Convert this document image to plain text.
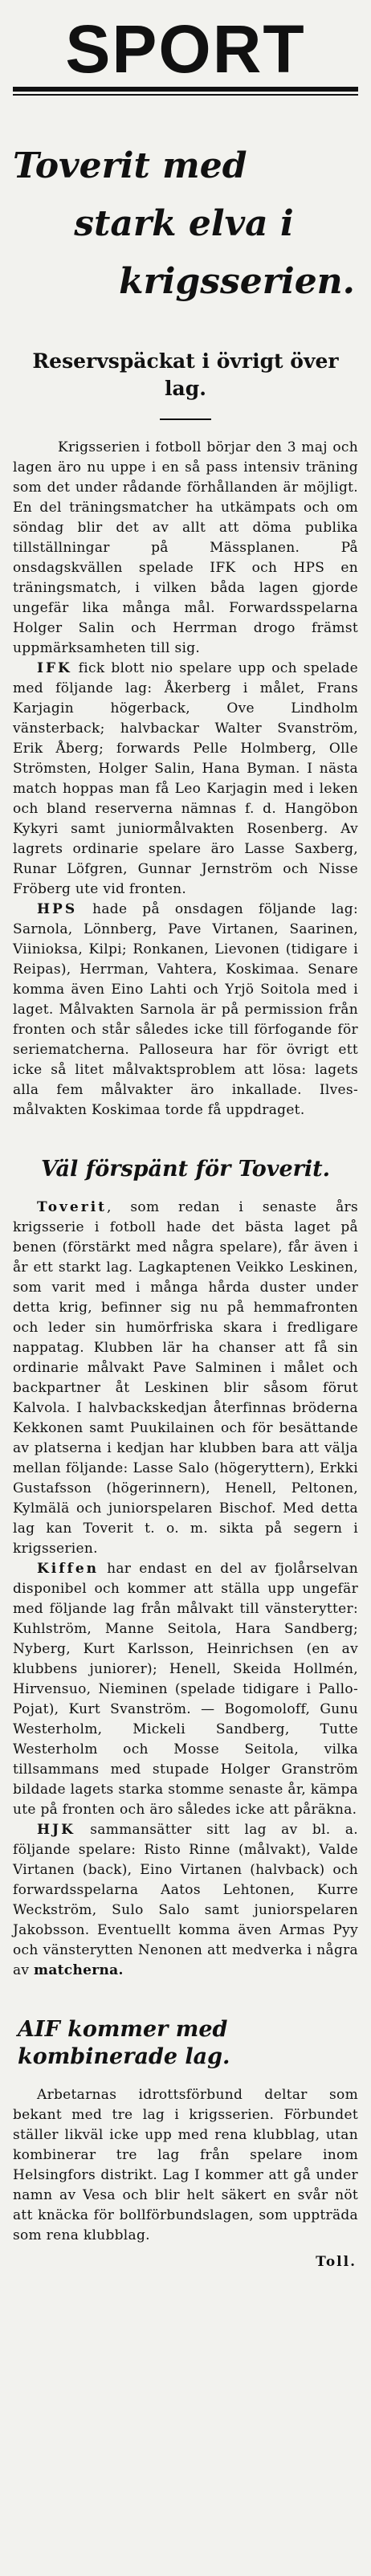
SPORT
Toverit med
stark elva i
krigsserien.
Reservspäckat i övrigt över lag.

Krigsserien i fotboll börjar den 3 maj och lagen äro nu uppe i en så pass intensiv träning som det under rådande förhållanden är möjligt. En del träningsmatcher ha utkämpats och om söndag blir det av allt att döma publika tillställningar på Mässplanen. På onsdagskvällen spelade IFK och HPS en träningsmatch, i vilken båda lagen gjorde ungefär lika många mål. Forwardsspelarna Holger Salin och Herrman drogo främst uppmärksamheten till sig.

IFK fick blott nio spelare upp och spelade med följande lag: Åkerberg i målet, Frans Karjagin högerback, Ove Lindholm vänsterback; halvbackar Walter Svanström, Erik Åberg; forwards Pelle Holmberg, Olle Strömsten, Holger Salin, Hana Byman. I nästa match hoppas man få Leo Karjagin med i leken och bland reserverna nämnas f. d. Hangöbon Kykyri samt juniormålvakten Rosenberg. Av lagrets ordinarie spelare äro Lasse Saxberg, Runar Löfgren, Gunnar Jernström och Nisse Fröberg ute vid fronten.

HPS hade på onsdagen följande lag: Sarnola, Lönnberg, Pave Virtanen, Saarinen, Viinioksa, Kilpi; Ronkanen, Lievonen (tidigare i Reipas), Herrman, Vahtera, Koskimaa. Senare komma även Eino Lahti och Yrjö Soitola med i laget. Målvakten Sarnola är på permission från fronten och står således icke till förfogande för seriematcherna. Palloseura har för övrigt ett icke så litet målvaktsproblem att lösa: lagets alla fem målvakter äro inkallade. Ilves-målvakten Koskimaa torde få uppdraget.

Väl förspänt för Toverit.

Toverit, som redan i senaste års krigsserie i fotboll hade det bästa laget på benen (förstärkt med några spelare), får även i år ett starkt lag. Lagkaptenen Veikko Leskinen, som varit med i många hårda duster under detta krig, befinner sig nu på hemmafronten och leder sin humörfriska skara i fredligare nappatag. Klubben lär ha chanser att få sin ordinarie målvakt Pave Salminen i målet och backpartner åt Leskinen blir såsom förut Kalvola. I halvbackskedjan återfinnas bröderna Kekkonen samt Puukilainen och för besättande av platserna i kedjan har klubben bara att välja mellan följande: Lasse Salo (högeryttern), Erkki Gustafsson (högerinnern), Henell, Peltonen, Kylmälä och juniorspelaren Bischof. Med detta lag kan Toverit t. o. m. sikta på segern i krigsserien.

Kiffen har endast en del av fjolårselvan disponibel och kommer att ställa upp ungefär med följande lag från målvakt till vänsterytter: Kuhlström, Manne Seitola, Hara Sandberg; Nyberg, Kurt Karlsson, Heinrichsen (en av klubbens juniorer); Henell, Skeida Hollmén, Hirvensuo, Nieminen (spelade tidigare i Pallo-Pojat), Kurt Svanström. — Bogomoloff, Gunu Westerholm, Mickeli Sandberg, Tutte Westerholm och Mosse Seitola, vilka tillsammans med stupade Holger Granström bildade lagets starka stomme senaste år, kämpa ute på fronten och äro således icke att påräkna.

HJK sammansätter sitt lag av bl. a. följande spelare: Risto Rinne (målvakt), Valde Virtanen (back), Eino Virtanen (halvback) och forwardsspelarna Aatos Lehtonen, Kurre Weckström, Sulo Salo samt juniorspelaren Jakobsson. Eventuellt komma även Armas Pyy och vänsterytten Nenonen att medverka i några av matcherna.

AIF kommer med kombinerade lag.

Arbetarnas idrottsförbund deltar som bekant med tre lag i krigsserien. Förbundet ställer likväl icke upp med rena klubblag, utan kombinerar tre lag från spelare inom Helsingfors distrikt. Lag I kommer att gå under namn av Vesa och blir helt säkert en svår nöt att knäcka för bollförbundslagen, som uppträda som rena klubblag.

Toll.
